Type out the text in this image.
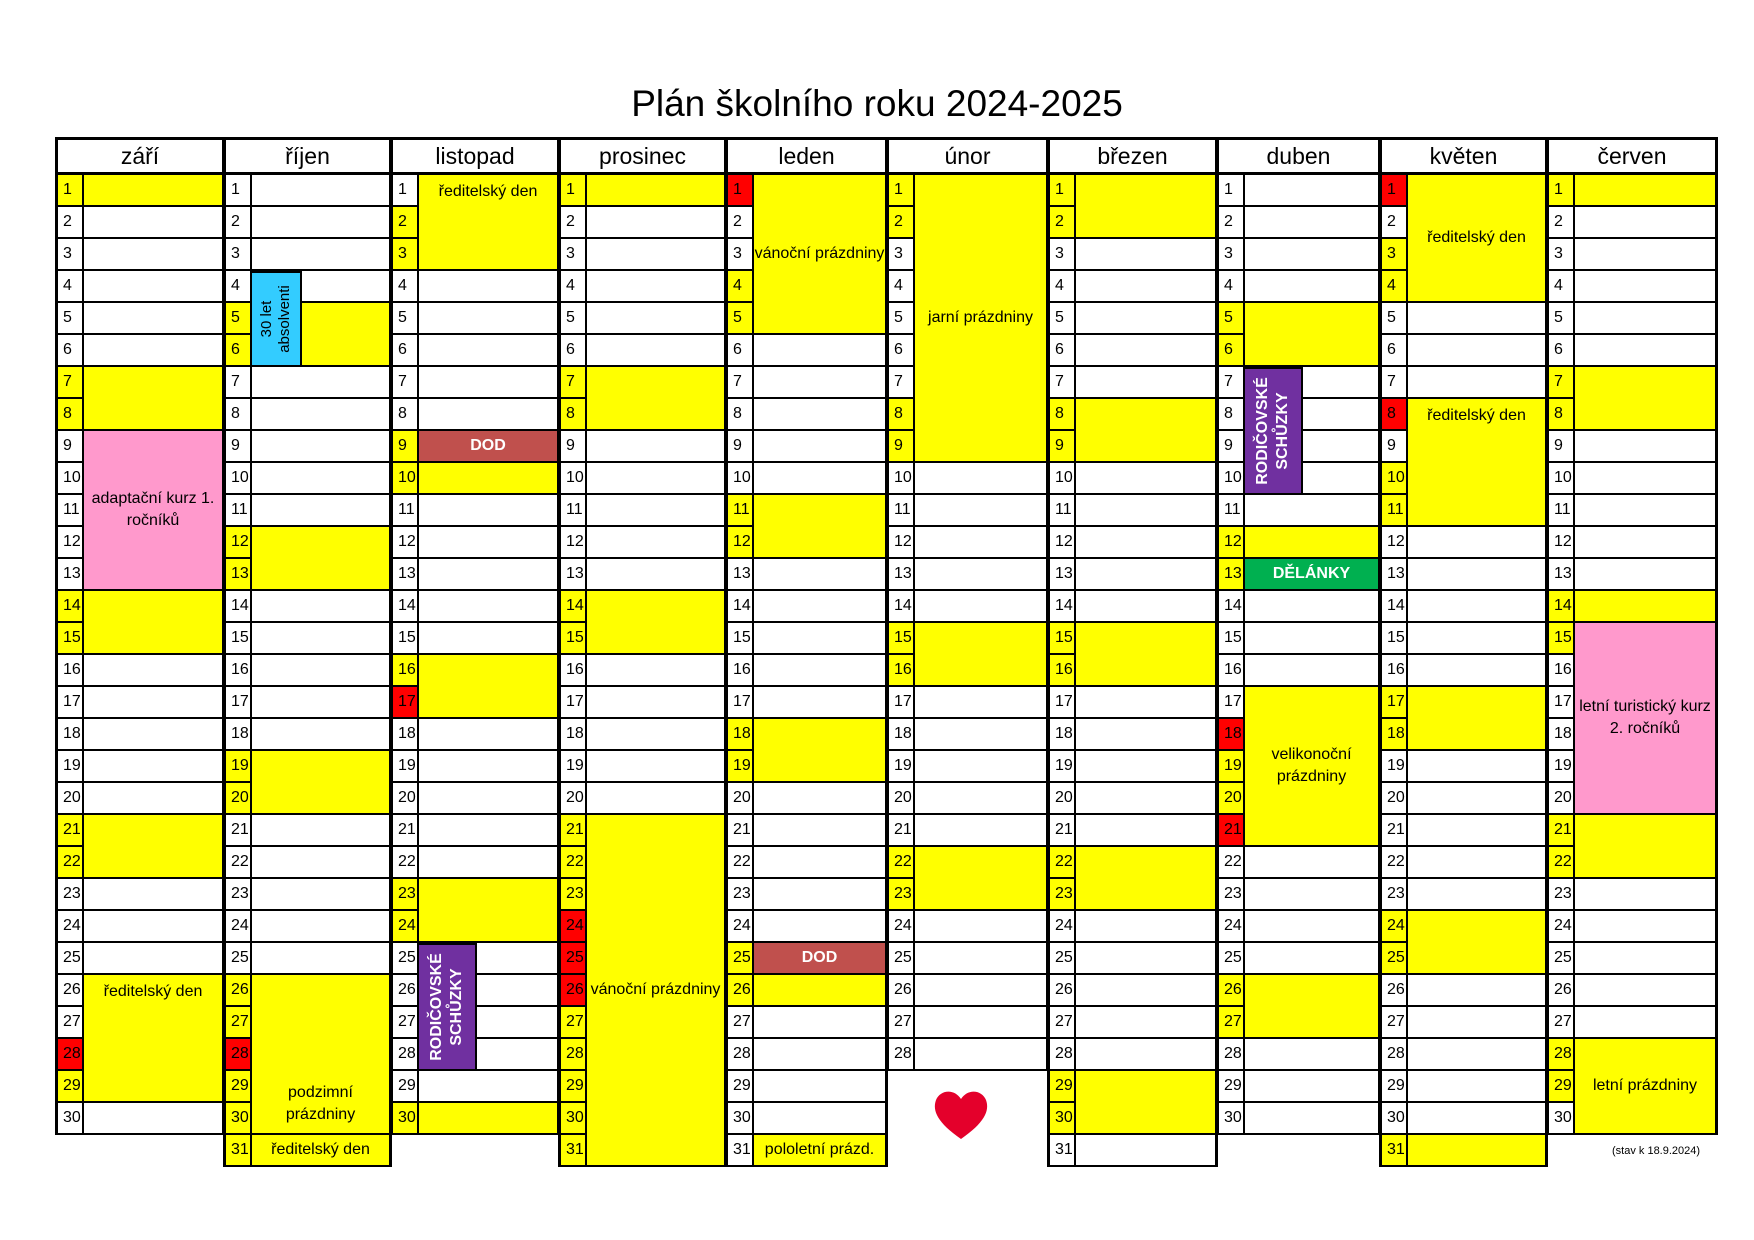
Plán školního roku 2024-2025
září
1
2
3
4
5
6
7
8
9
10
11
12
13
14
15
16
17
18
19
20
21
22
23
24
25
26
27
28
29
30
adaptační kurz 1. ročníků
ředitelský den
říjen
1
2
3
4
5
6
7
8
9
10
11
12
13
14
15
16
17
18
19
20
21
22
23
24
25
26
27
28
29
30
31
podzimní prázdniny
ředitelský den
30 let absolventi
listopad
1
2
3
4
5
6
7
8
9
10
11
12
13
14
15
16
17
18
19
20
21
22
23
24
25
26
27
28
29
30
ředitelský den
DOD
RODIČOVSKÉ SCHŮZKY
prosinec
1
2
3
4
5
6
7
8
9
10
11
12
13
14
15
16
17
18
19
20
21
22
23
24
25
26
27
28
29
30
31
vánoční prázdniny
leden
1
2
3
4
5
6
7
8
9
10
11
12
13
14
15
16
17
18
19
20
21
22
23
24
25
26
27
28
29
30
31
vánoční prázdniny
DOD
pololetní prázd.
únor
1
2
3
4
5
6
7
8
9
10
11
12
13
14
15
16
17
18
19
20
21
22
23
24
25
26
27
28
jarní prázdniny
březen
1
2
3
4
5
6
7
8
9
10
11
12
13
14
15
16
17
18
19
20
21
22
23
24
25
26
27
28
29
30
31
duben
1
2
3
4
5
6
7
8
9
10
11
12
13
14
15
16
17
18
19
20
21
22
23
24
25
26
27
28
29
30
DĚLÁNKY
velikonoční prázdniny
RODIČOVSKÉ SCHŮZKY
květen
1
2
3
4
5
6
7
8
9
10
11
12
13
14
15
16
17
18
19
20
21
22
23
24
25
26
27
28
29
30
31
ředitelský den
ředitelský den
červen
1
2
3
4
5
6
7
8
9
10
11
12
13
14
15
16
17
18
19
20
21
22
23
24
25
26
27
28
29
30
letní turistický kurz 2. ročníků
letní prázdniny
(stav k 18.9.2024)
